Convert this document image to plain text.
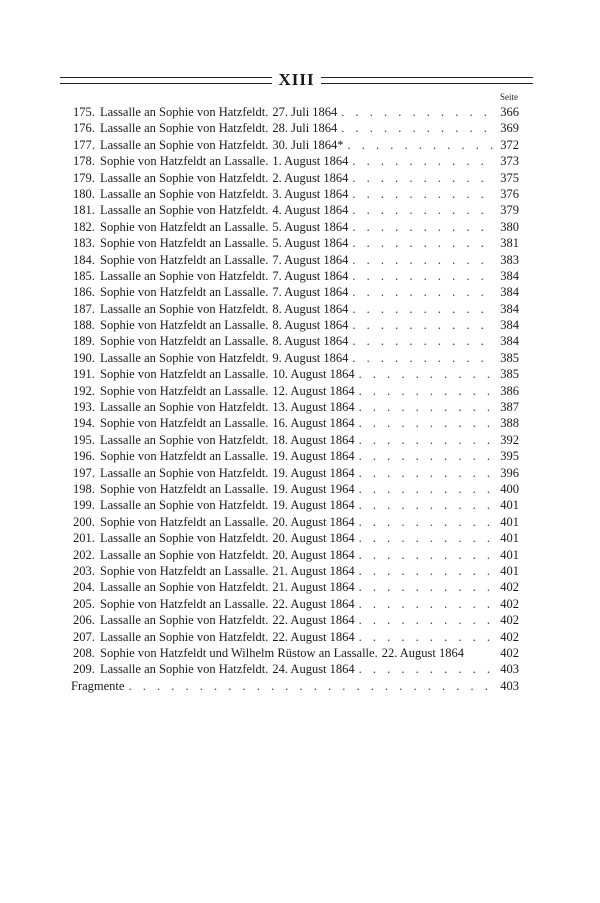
XIII
Seite
175. Lassalle an Sophie von Hatzfeldt. 27. Juli 1864 . . .	366
176. Lassalle an Sophie von Hatzfeldt. 28. Juli 1864 . . .	369
177. Lassalle an Sophie von Hatzfeldt. 30. Juli 1864* . . .	372
178. Sophie von Hatzfeldt an Lassalle. 1. August 1864 . . .	373
179. Lassalle an Sophie von Hatzfeldt. 2. August 1864 . . .	375
180. Lassalle an Sophie von Hatzfeldt. 3. August 1864 . . .	376
181. Lassalle an Sophie von Hatzfeldt. 4. August 1864 . . .	379
182. Sophie von Hatzfeldt an Lassalle. 5. August 1864 . . .	380
183. Sophie von Hatzfeldt an Lassalle. 5. August 1864 . . .	381
184. Sophie von Hatzfeldt an Lassalle. 7. August 1864 . . .	383
185. Lassalle an Sophie von Hatzfeldt. 7. August 1864 . . .	384
186. Sophie von Hatzfeldt an Lassalle. 7. August 1864 . . .	384
187. Lassalle an Sophie von Hatzfeldt. 8. August 1864 . . .	384
188. Sophie von Hatzfeldt an Lassalle. 8. August 1864 . . .	384
189. Sophie von Hatzfeldt an Lassalle. 8. August 1864 . . .	384
190. Lassalle an Sophie von Hatzfeldt. 9. August 1864 . . .	385
191. Sophie von Hatzfeldt an Lassalle. 10. August 1864 . . .	385
192. Sophie von Hatzfeldt an Lassalle. 12. August 1864 . . .	386
193. Lassalle an Sophie von Hatzfeldt. 13. August 1864 . . .	387
194. Sophie von Hatzfeldt an Lassalle. 16. August 1864 . . .	388
195. Lassalle an Sophie von Hatzfeldt. 18. August 1864 . . .	392
196. Sophie von Hatzfeldt an Lassalle. 19. August 1864 . . .	395
197. Lassalle an Sophie von Hatzfeldt. 19. August 1864 . . .	396
198. Sophie von Hatzfeldt an Lassalle. 19. August 1964 . . .	400
199. Lassalle an Sophie von Hatzfeldt. 19. August 1864 . . .	401
200. Sophie von Hatzfeldt an Lassalle. 20. August 1864 . . .	401
201. Lassalle an Sophie von Hatzfeldt. 20. August 1864 . . .	401
202. Lassalle an Sophie von Hatzfeldt. 20. August 1864 . . .	401
203. Sophie von Hatzfeldt an Lassalle. 21. August 1864 . . .	401
204. Lassalle an Sophie von Hatzfeldt. 21. August 1864 . . .	402
205. Sophie von Hatzfeldt an Lassalle. 22. August 1864 . . .	402
206. Lassalle an Sophie von Hatzfeldt. 22. August 1864 . . .	402
207. Lassalle an Sophie von Hatzfeldt. 22. August 1864 . . .	402
208. Sophie von Hatzfeldt und Wilhelm Rüstow an Lassalle. 22. August 1864	402
209. Lassalle an Sophie von Hatzfeldt. 24. August 1864 . . .	403
Fragmente . . .	403
